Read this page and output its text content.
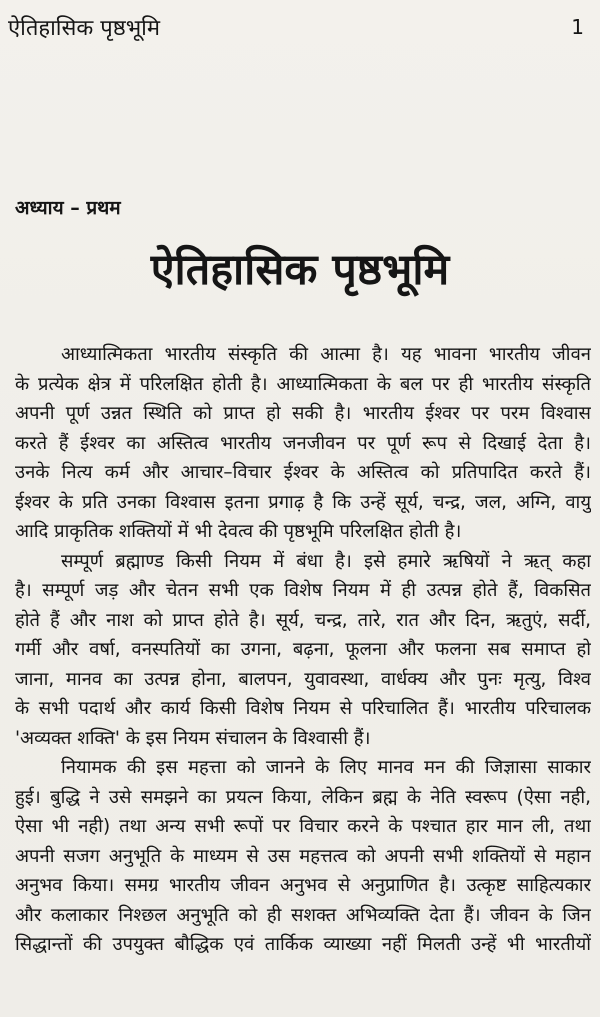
ऐतिहासिक पृष्ठभूमि	1
अध्याय – प्रथम
ऐतिहासिक पृष्ठभूमि
आध्यात्मिकता भारतीय संस्कृति की आत्मा है। यह भावना भारतीय जीवन
के प्रत्येक क्षेत्र में परिलक्षित होती है। आध्यात्मिकता के बल पर ही भारतीय संस्कृति
अपनी पूर्ण उन्नत स्थिति को प्राप्त हो सकी है। भारतीय ईश्वर पर परम विश्वास
करते हैं ईश्वर का अस्तित्व भारतीय जनजीवन पर पूर्ण रूप से दिखाई देता है।
उनके नित्य कर्म और आचार–विचार ईश्वर के अस्तित्व को प्रतिपादित करते हैं।
ईश्वर के प्रति उनका विश्वास इतना प्रगाढ़ है कि उन्हें सूर्य, चन्द्र, जल, अग्नि, वायु
आदि प्राकृतिक शक्तियों में भी देवत्व की पृष्ठभूमि परिलक्षित होती है।
सम्पूर्ण ब्रह्माण्ड किसी नियम में बंधा है। इसे हमारे ऋषियों ने ऋत् कहा
है। सम्पूर्ण जड़ और चेतन सभी एक विशेष नियम में ही उत्पन्न होते हैं, विकसित
होते हैं और नाश को प्राप्त होते है। सूर्य, चन्द्र, तारे, रात और दिन, ऋतुएं, सर्दी,
गर्मी और वर्षा, वनस्पतियों का उगना, बढ़ना, फूलना और फलना सब समाप्त हो
जाना, मानव का उत्पन्न होना, बालपन, युवावस्था, वार्धक्य और पुनः मृत्यु, विश्व
के सभी पदार्थ और कार्य किसी विशेष नियम से परिचालित हैं। भारतीय परिचालक
'अव्यक्त शक्ति' के इस नियम संचालन के विश्वासी हैं।
नियामक की इस महत्ता को जानने के लिए मानव मन की जिज्ञासा साकार
हुई। बुद्धि ने उसे समझने का प्रयत्न किया, लेकिन ब्रह्म के नेति स्वरूप (ऐसा नही,
ऐसा भी नही) तथा अन्य सभी रूपों पर विचार करने के पश्चात हार मान ली, तथा
अपनी सजग अनुभूति के माध्यम से उस महत्तत्व को अपनी सभी शक्तियों से महान
अनुभव किया। समग्र भारतीय जीवन अनुभव से अनुप्राणित है। उत्कृष्ट साहित्यकार
और कलाकार निश्छल अनुभूति को ही सशक्त अभिव्यक्ति देता हैं। जीवन के जिन
सिद्धान्तों की उपयुक्त बौद्धिक एवं तार्किक व्याख्या नहीं मिलती उन्हें भी भारतीयों
